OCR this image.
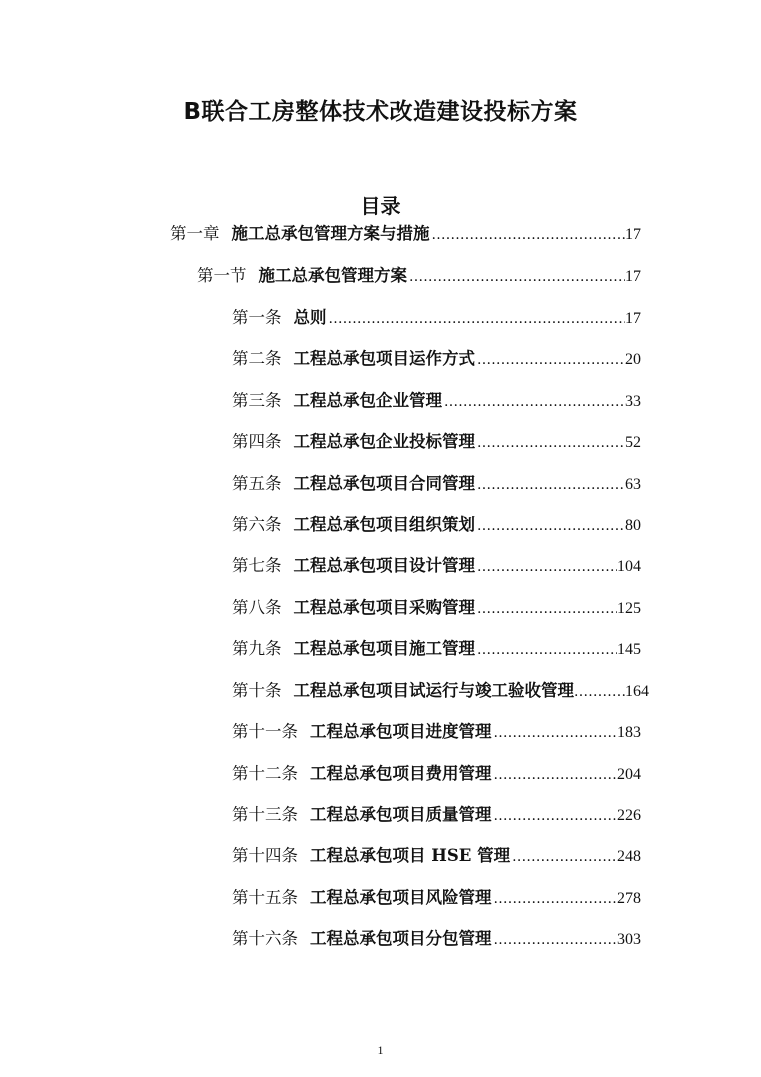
B联合工房整体技术改造建设投标方案
目录
第一章 施工总承包管理方案与措施 .....	17
第一节 施工总承包管理方案 .....	17
第一条 总则 .....	17
第二条 工程总承包项目运作方式 .....	20
第三条 工程总承包企业管理 .....	33
第四条 工程总承包企业投标管理 .....	52
第五条 工程总承包项目合同管理 .....	63
第六条 工程总承包项目组织策划 .....	80
第七条 工程总承包项目设计管理 .....	104
第八条 工程总承包项目采购管理 .....	125
第九条 工程总承包项目施工管理 .....	145
第十条 工程总承包项目试运行与竣工验收管理 .....	164
第十一条 工程总承包项目进度管理 .....	183
第十二条 工程总承包项目费用管理 .....	204
第十三条 工程总承包项目质量管理 .....	226
第十四条 工程总承包项目 HSE 管理 .....	248
第十五条 工程总承包项目风险管理 .....	278
第十六条 工程总承包项目分包管理 .....	303
1
